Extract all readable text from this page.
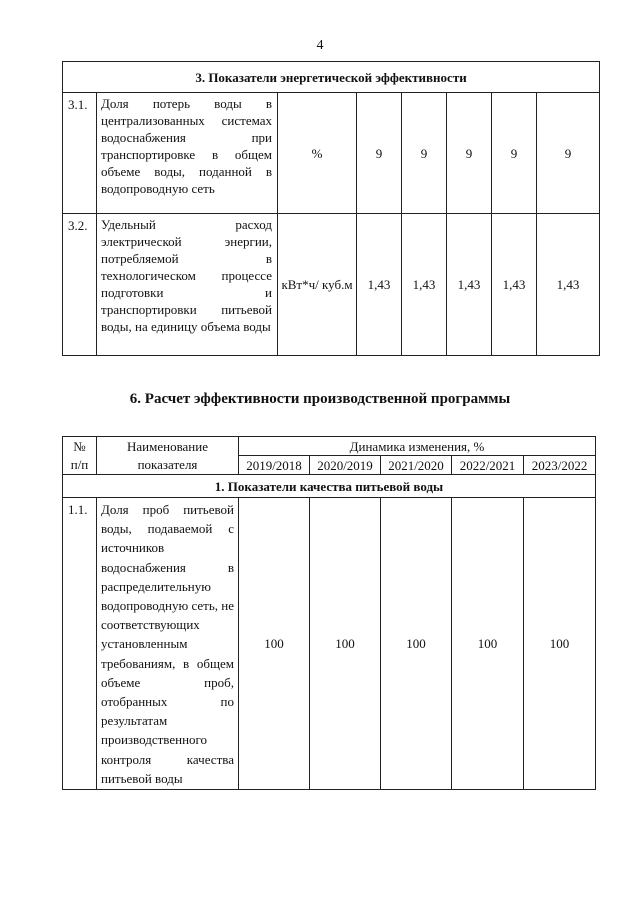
4
3. Показатели энергетической эффективности							
3.1.	Доля потерь воды в централизованных системах водоснабжения при транспортировке в общем объеме воды, поданной в водопроводную сеть	%	9	9	9	9	9
3.2.	Удельный расход электрической энергии, потребляемой в технологическом процессе подготовки и транспортировки питьевой воды, на единицу объема воды	кВт*ч/ куб.м	1,43	1,43	1,43	1,43	1,43
6. Расчет эффективности производственной программы
№	Наименование	Динамика изменения, %				
п/п	показателя	2019/2018	2020/2019	2021/2020	2022/2021	2023/2022
1. Показатели качества питьевой воды						
1.1.	Доля проб питьевой воды, подаваемой с источников водоснабжения в распределительную водопроводную сеть, не соответствующих установленным требованиям, в общем объеме проб, отобранных по результатам производственного контроля качества питьевой воды	100	100	100	100	100
